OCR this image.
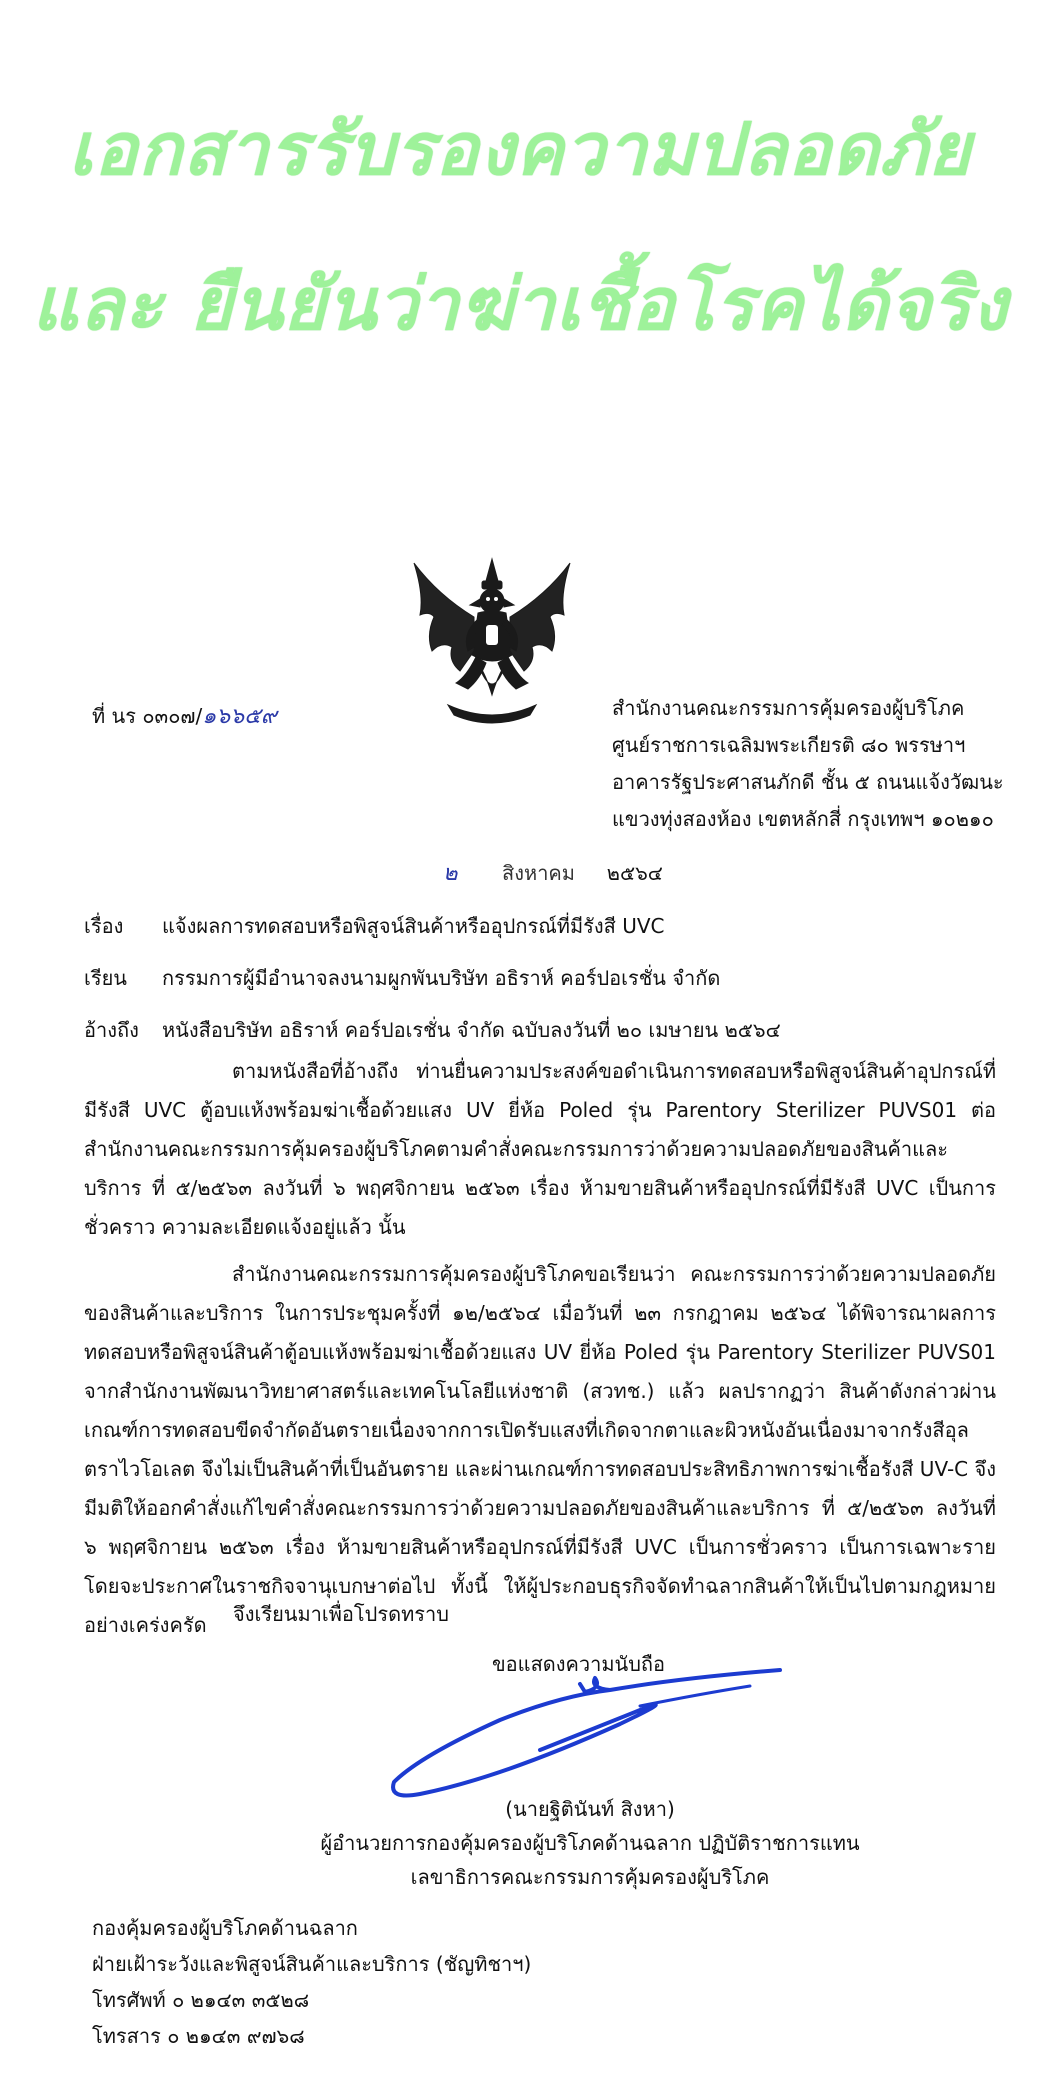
เอกสารรับรองความปลอดภัย
และ ยืนยันว่าฆ่าเชื้อโรคได้จริง
ที่ นร ๐๓๐๗/๑๖๖๕๙	สำนักงานคณะกรรมการคุ้มครองผู้บริโภค
ศูนย์ราชการเฉลิมพระเกียรติ ๘๐ พรรษาฯ
อาคารรัฐประศาสนภักดี ชั้น ๕ ถนนแจ้งวัฒนะ
แขวงทุ่งสองห้อง เขตหลักสี่ กรุงเทพฯ ๑๐๒๑๐
๒ สิงหาคม ๒๕๖๔
เรื่อง แจ้งผลการทดสอบหรือพิสูจน์สินค้าหรืออุปกรณ์ที่มีรังสี UVC
เรียน กรรมการผู้มีอำนาจลงนามผูกพันบริษัท อธิราห์ คอร์ปอเรชั่น จำกัด
อ้างถึง หนังสือบริษัท อธิราห์ คอร์ปอเรชั่น จำกัด ฉบับลงวันที่ ๒๐ เมษายน ๒๕๖๔
ตามหนังสือที่อ้างถึง ท่านยื่นความประสงค์ขอดำเนินการทดสอบหรือพิสูจน์สินค้าอุปกรณ์ที่มีรังสี UVC ตู้อบแห้งพร้อมฆ่าเชื้อด้วยแสง UV ยี่ห้อ Poled รุ่น Parentory Sterilizer PUVS01 ต่อสำนักงานคณะกรรมการคุ้มครองผู้บริโภคตามคำสั่งคณะกรรมการว่าด้วยความปลอดภัยของสินค้าและบริการ ที่ ๕/๒๕๖๓ ลงวันที่ ๖ พฤศจิกายน ๒๕๖๓ เรื่อง ห้ามขายสินค้าหรืออุปกรณ์ที่มีรังสี UVC เป็นการชั่วคราว ความละเอียดแจ้งอยู่แล้ว นั้น
สำนักงานคณะกรรมการคุ้มครองผู้บริโภคขอเรียนว่า คณะกรรมการว่าด้วยความปลอดภัยของสินค้าและบริการ ในการประชุมครั้งที่ ๑๒/๒๕๖๔ เมื่อวันที่ ๒๓ กรกฎาคม ๒๕๖๔ ได้พิจารณาผลการทดสอบหรือพิสูจน์สินค้าตู้อบแห้งพร้อมฆ่าเชื้อด้วยแสง UV ยี่ห้อ Poled รุ่น Parentory Sterilizer PUVS01 จากสำนักงานพัฒนาวิทยาศาสตร์และเทคโนโลยีแห่งชาติ (สวทช.) แล้ว ผลปรากฏว่า สินค้าดังกล่าวผ่านเกณฑ์การทดสอบขีดจำกัดอันตรายเนื่องจากการเปิดรับแสงที่เกิดจากตาและผิวหนังอันเนื่องมาจากรังสีอุลตราไวโอเลต จึงไม่เป็นสินค้าที่เป็นอันตราย และผ่านเกณฑ์การทดสอบประสิทธิภาพการฆ่าเชื้อรังสี UV-C จึงมีมติให้ออกคำสั่งแก้ไขคำสั่งคณะกรรมการว่าด้วยความปลอดภัยของสินค้าและบริการ ที่ ๕/๒๕๖๓ ลงวันที่ ๖ พฤศจิกายน ๒๕๖๓ เรื่อง ห้ามขายสินค้าหรืออุปกรณ์ที่มีรังสี UVC เป็นการชั่วคราว เป็นการเฉพาะราย โดยจะประกาศในราชกิจจานุเบกษาต่อไป ทั้งนี้ ให้ผู้ประกอบธุรกิจจัดทำฉลากสินค้าให้เป็นไปตามกฎหมายอย่างเคร่งครัด	จึงเรียนมาเพื่อโปรดทราบ
ขอแสดงความนับถือ
(นายฐิตินันท์ สิงหา)
ผู้อำนวยการกองคุ้มครองผู้บริโภคด้านฉลาก ปฏิบัติราชการแทน
เลขาธิการคณะกรรมการคุ้มครองผู้บริโภค
กองคุ้มครองผู้บริโภคด้านฉลาก
ฝ่ายเฝ้าระวังและพิสูจน์สินค้าและบริการ (ชัญทิชาฯ)
โทรศัพท์ ๐ ๒๑๔๓ ๓๕๒๘
โทรสาร ๐ ๒๑๔๓ ๙๗๖๘
